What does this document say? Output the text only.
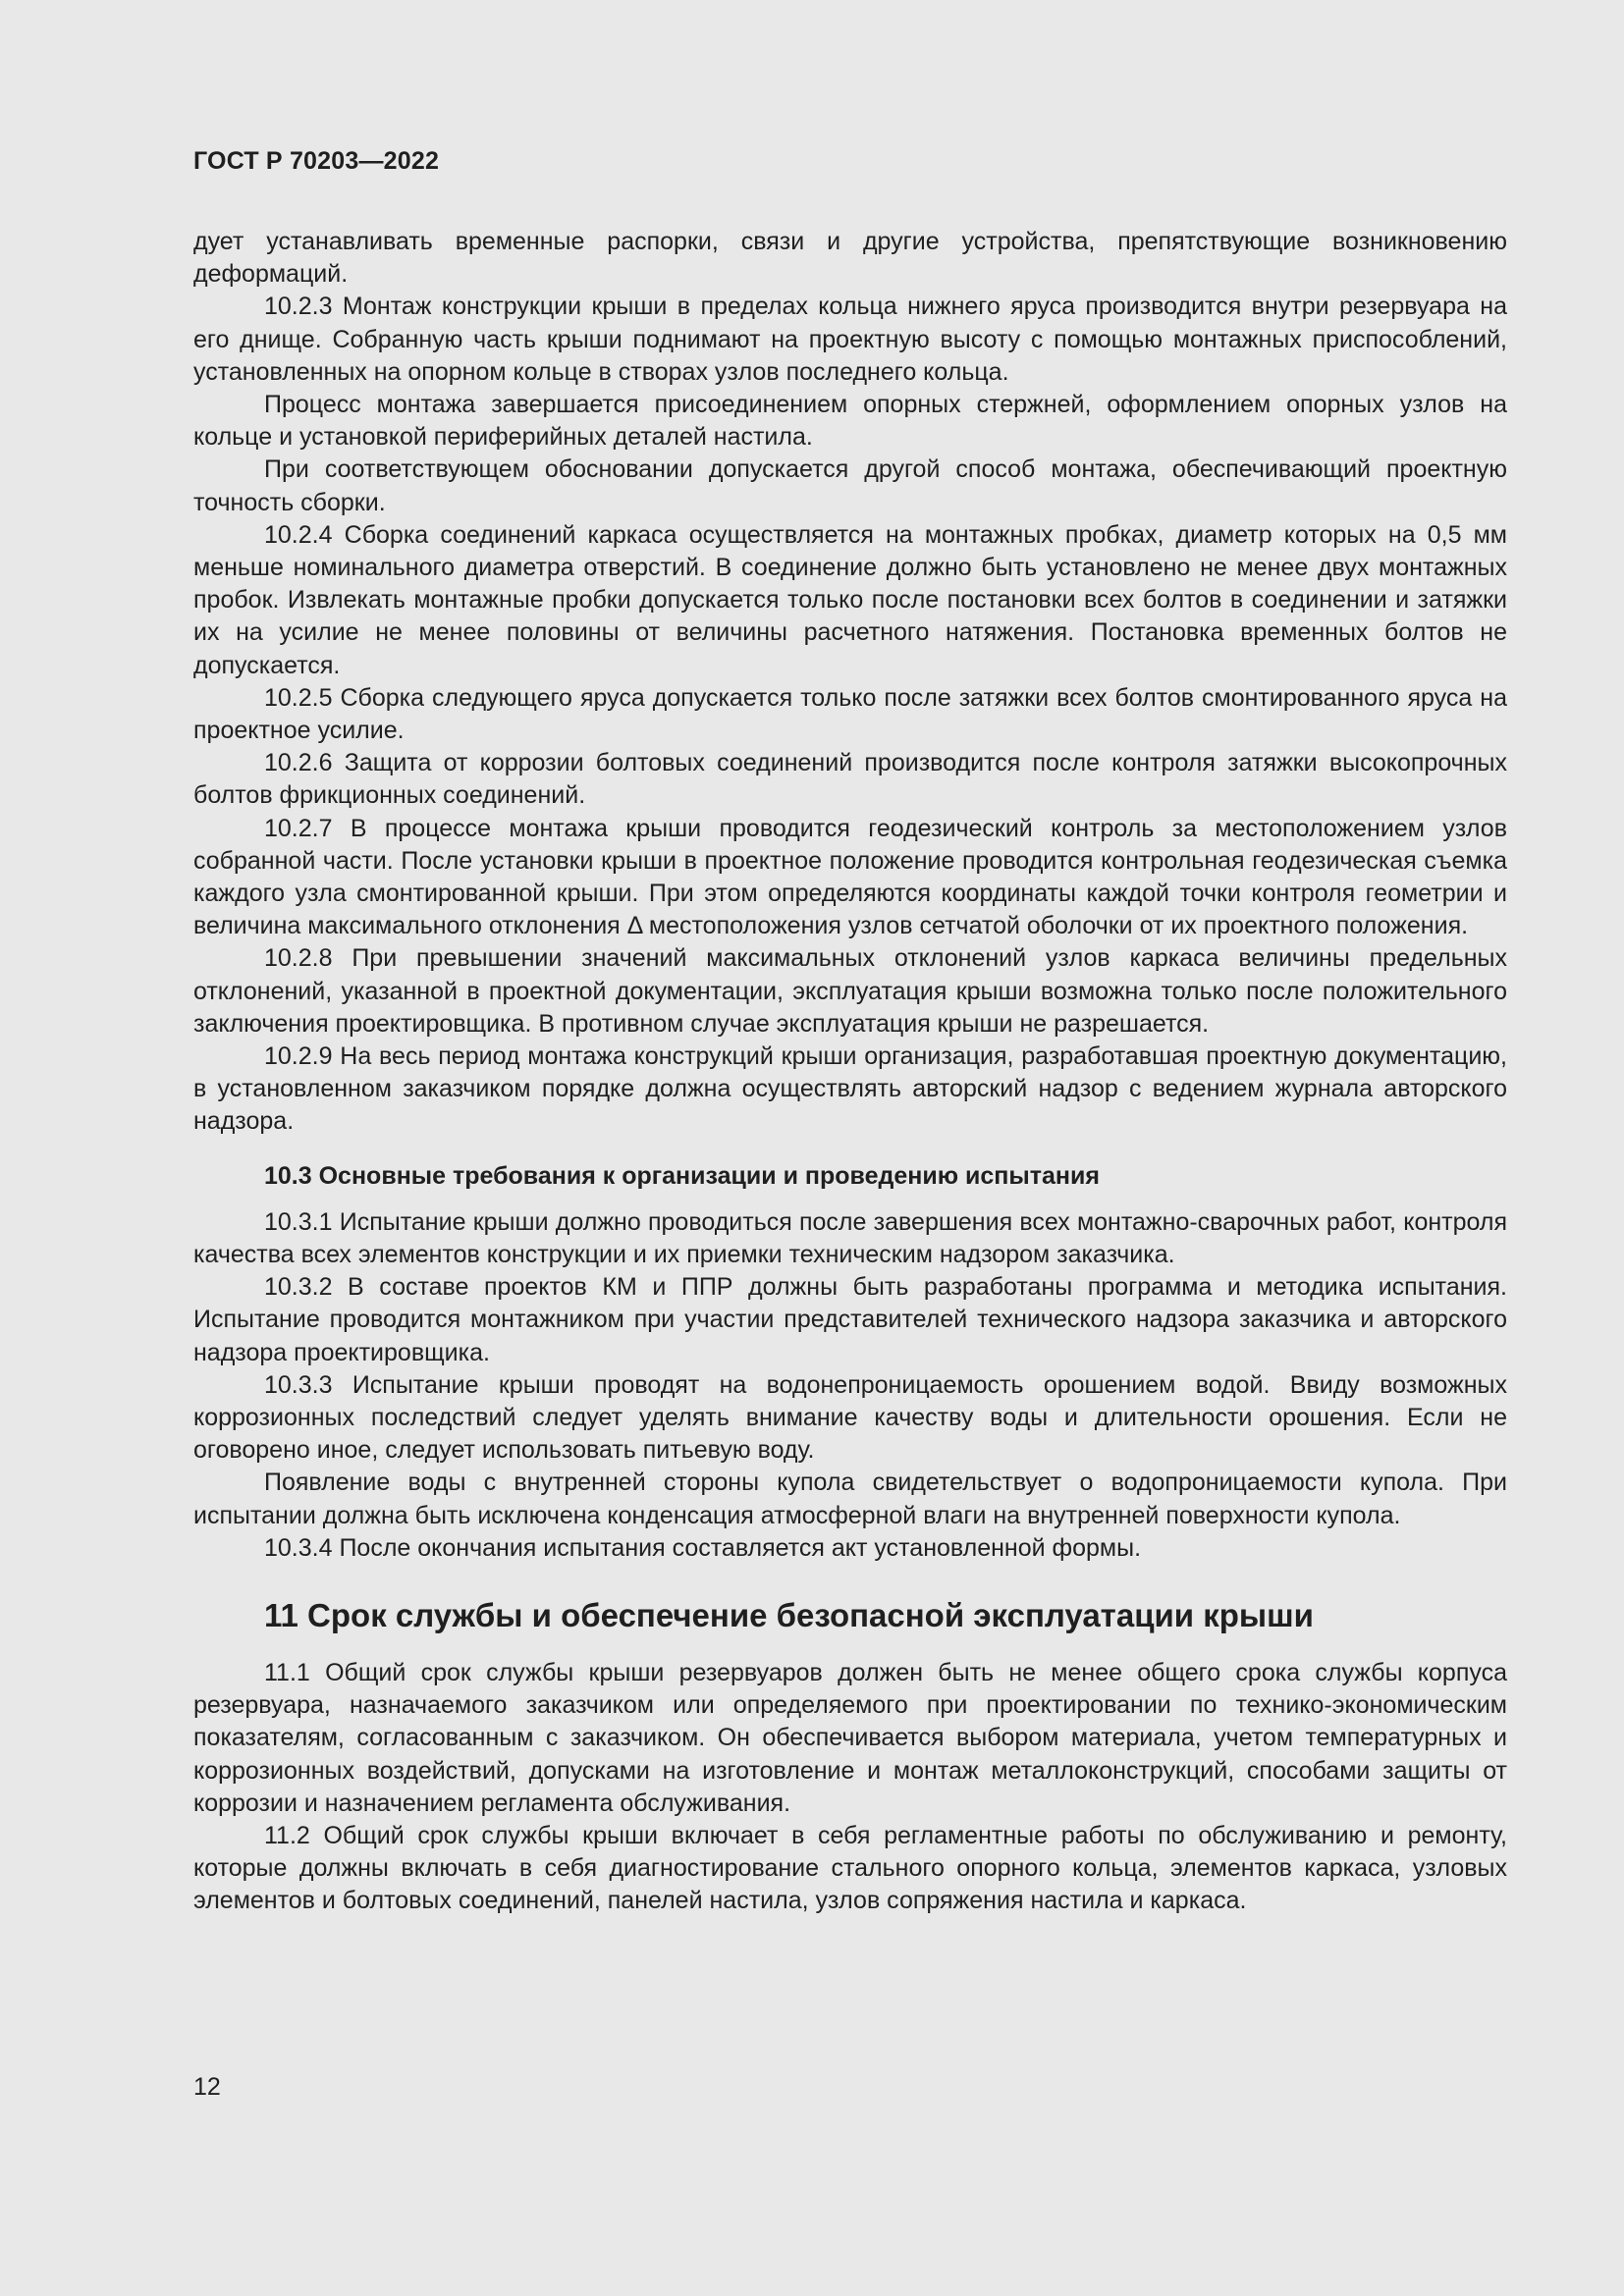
ГОСТ Р 70203—2022

дует устанавливать временные распорки, связи и другие устройства, препятствующие возникновению деформаций.

10.2.3 Монтаж конструкции крыши в пределах кольца нижнего яруса производится внутри резервуара на его днище. Собранную часть крыши поднимают на проектную высоту с помощью монтажных приспособлений, установленных на опорном кольце в створах узлов последнего кольца.

Процесс монтажа завершается присоединением опорных стержней, оформлением опорных узлов на кольце и установкой периферийных деталей настила.

При соответствующем обосновании допускается другой способ монтажа, обеспечивающий проектную точность сборки.

10.2.4 Сборка соединений каркаса осуществляется на монтажных пробках, диаметр которых на 0,5 мм меньше номинального диаметра отверстий. В соединение должно быть установлено не менее двух монтажных пробок. Извлекать монтажные пробки допускается только после постановки всех болтов в соединении и затяжки их на усилие не менее половины от величины расчетного натяжения. Постановка временных болтов не допускается.

10.2.5 Сборка следующего яруса допускается только после затяжки всех болтов смонтированного яруса на проектное усилие.

10.2.6 Защита от коррозии болтовых соединений производится после контроля затяжки высокопрочных болтов фрикционных соединений.

10.2.7 В процессе монтажа крыши проводится геодезический контроль за местоположением узлов собранной части. После установки крыши в проектное положение проводится контрольная геодезическая съемка каждого узла смонтированной крыши. При этом определяются координаты каждой точки контроля геометрии и величина максимального отклонения Δ местоположения узлов сетчатой оболочки от их проектного положения.

10.2.8 При превышении значений максимальных отклонений узлов каркаса величины предельных отклонений, указанной в проектной документации, эксплуатация крыши возможна только после положительного заключения проектировщика. В противном случае эксплуатация крыши не разрешается.

10.2.9 На весь период монтажа конструкций крыши организация, разработавшая проектную документацию, в установленном заказчиком порядке должна осуществлять авторский надзор с ведением журнала авторского надзора.

10.3 Основные требования к организации и проведению испытания

10.3.1 Испытание крыши должно проводиться после завершения всех монтажно-сварочных работ, контроля качества всех элементов конструкции и их приемки техническим надзором заказчика.

10.3.2 В составе проектов КМ и ППР должны быть разработаны программа и методика испытания. Испытание проводится монтажником при участии представителей технического надзора заказчика и авторского надзора проектировщика.

10.3.3 Испытание крыши проводят на водонепроницаемость орошением водой. Ввиду возможных коррозионных последствий следует уделять внимание качеству воды и длительности орошения. Если не оговорено иное, следует использовать питьевую воду.

Появление воды с внутренней стороны купола свидетельствует о водопроницаемости купола. При испытании должна быть исключена конденсация атмосферной влаги на внутренней поверхности купола.

10.3.4 После окончания испытания составляется акт установленной формы.

11 Срок службы и обеспечение безопасной эксплуатации крыши

11.1 Общий срок службы крыши резервуаров должен быть не менее общего срока службы корпуса резервуара, назначаемого заказчиком или определяемого при проектировании по технико-экономическим показателям, согласованным с заказчиком. Он обеспечивается выбором материала, учетом температурных и коррозионных воздействий, допусками на изготовление и монтаж металлоконструкций, способами защиты от коррозии и назначением регламента обслуживания.

11.2 Общий срок службы крыши включает в себя регламентные работы по обслуживанию и ремонту, которые должны включать в себя диагностирование стального опорного кольца, элементов каркаса, узловых элементов и болтовых соединений, панелей настила, узлов сопряжения настила и каркаса.

12
